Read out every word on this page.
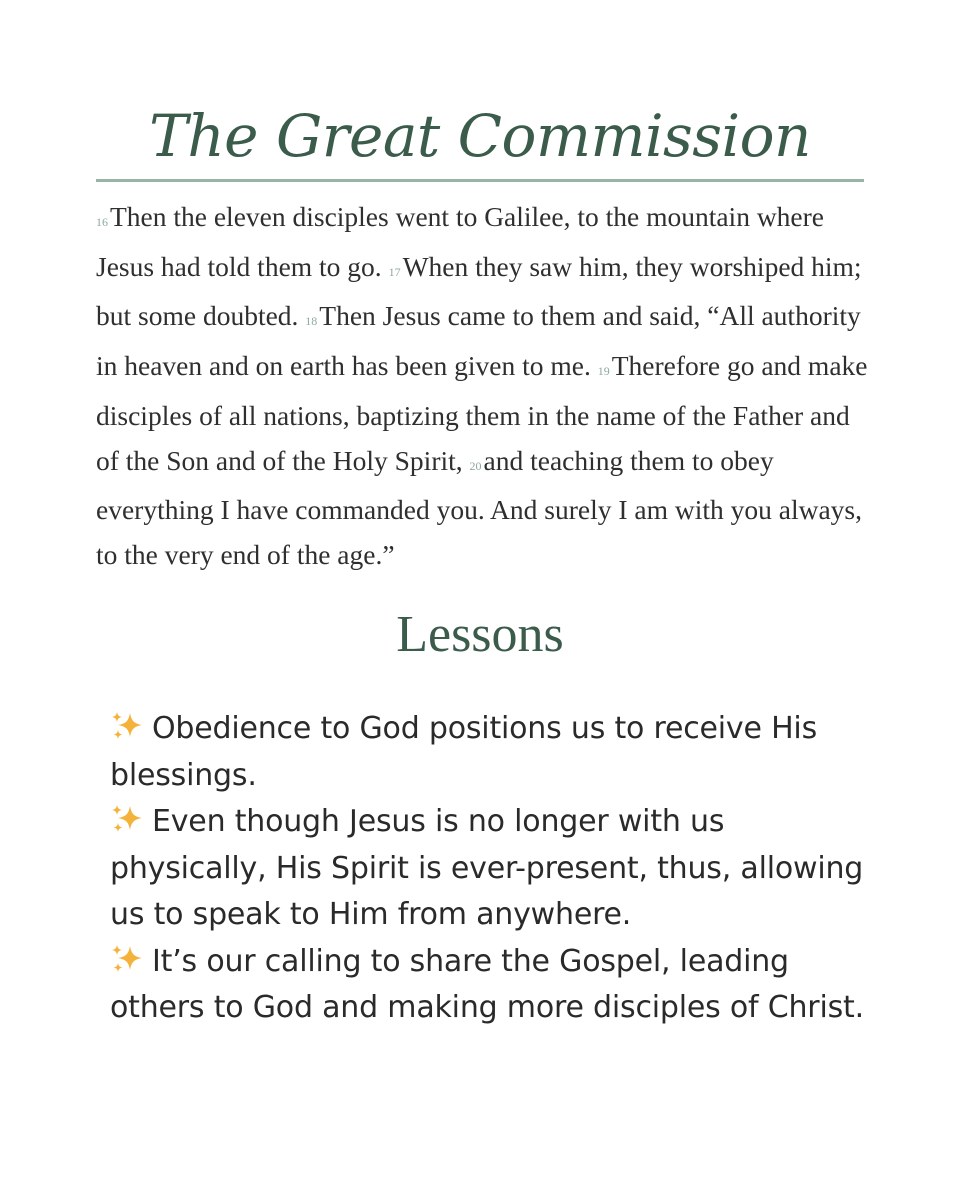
The Great Commission

16Then the eleven disciples went to Galilee, to the mountain where Jesus had told them to go. 17When they saw him, they worshiped him; but some doubted. 18Then Jesus came to them and said, “All authority in heaven and on earth has been given to me. 19Therefore go and make disciples of all nations, baptizing them in the name of the Father and of the Son and of the Holy Spirit, 20and teaching them to obey everything I have commanded you. And surely I am with you always, to the very end of the age.”

Lessons
Obedience to God positions us to receive His blessings.
Even though Jesus is no longer with us physically, His Spirit is ever-present, thus, allowing us to speak to Him from anywhere.
It’s our calling to share the Gospel, leading others to God and making more disciples of Christ.
